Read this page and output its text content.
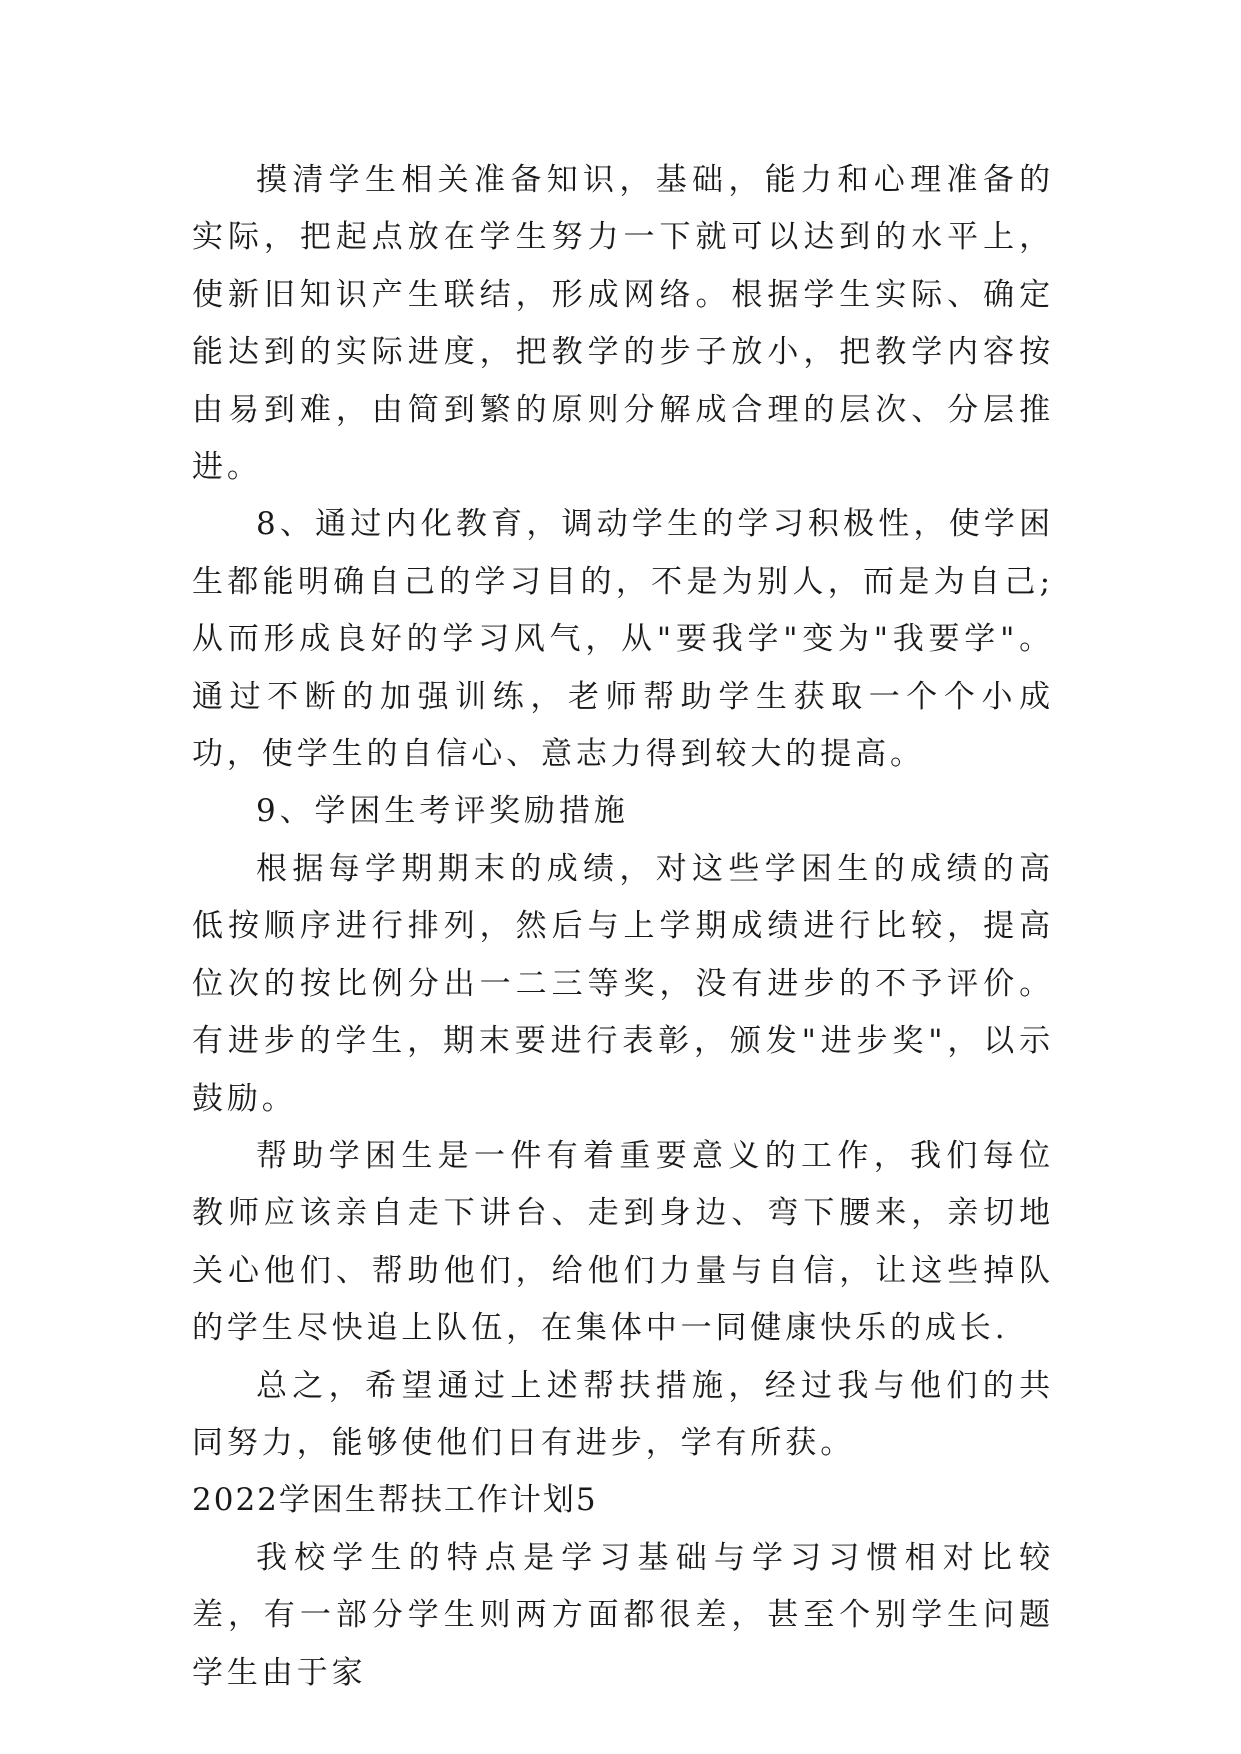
摸清学生相关准备知识，基础，能力和心理准备的实际，把起点放在学生努力一下就可以达到的水平上，使新旧知识产生联结，形成网络。根据学生实际、确定能达到的实际进度，把教学的步子放小，把教学内容按由易到难，由简到繁的原则分解成合理的层次、分层推进。

8、通过内化教育，调动学生的学习积极性，使学困生都能明确自己的学习目的，不是为别人，而是为自己;从而形成良好的学习风气，从"要我学"变为"我要学"。通过不断的加强训练，老师帮助学生获取一个个小成功，使学生的自信心、意志力得到较大的提高。

9、学困生考评奖励措施

根据每学期期末的成绩，对这些学困生的成绩的高低按顺序进行排列，然后与上学期成绩进行比较，提高位次的按比例分出一二三等奖，没有进步的不予评价。有进步的学生，期末要进行表彰，颁发"进步奖"，以示鼓励。

帮助学困生是一件有着重要意义的工作，我们每位教师应该亲自走下讲台、走到身边、弯下腰来，亲切地关心他们、帮助他们，给他们力量与自信，让这些掉队的学生尽快追上队伍，在集体中一同健康快乐的成长.

总之，希望通过上述帮扶措施，经过我与他们的共同努力，能够使他们日有进步，学有所获。

2022学困生帮扶工作计划5

我校学生的特点是学习基础与学习习惯相对比较差，有一部分学生则两方面都很差，甚至个别学生问题学生由于家
